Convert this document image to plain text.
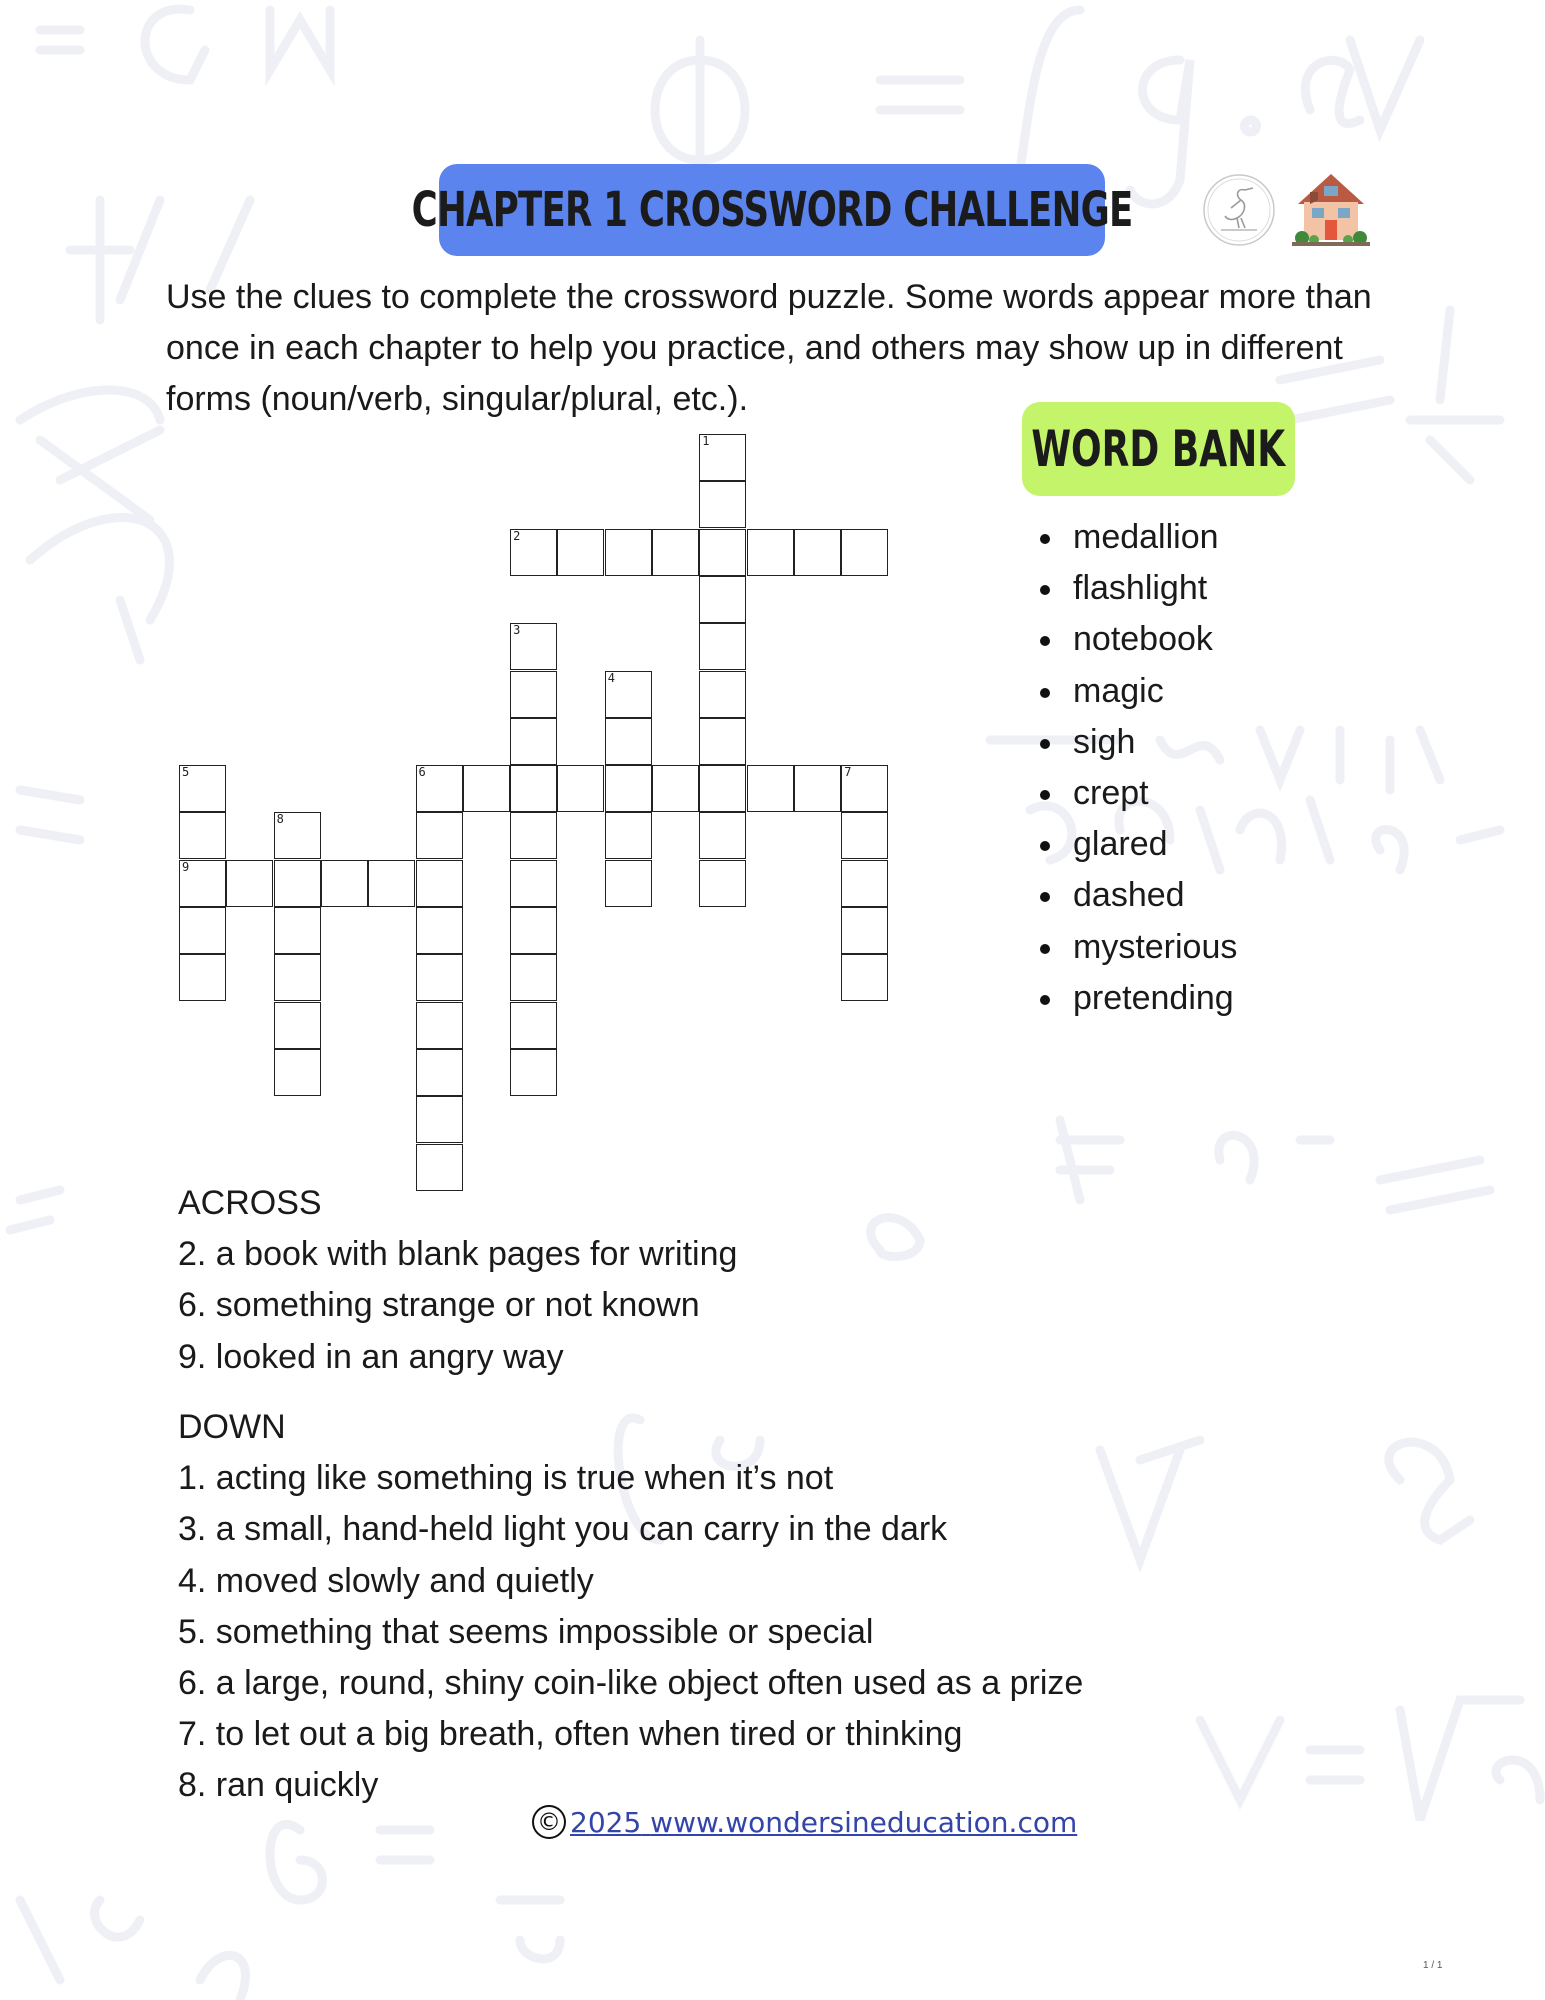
CHAPTER 1 CROSSWORD CHALLENGE
Use the clues to complete the crossword puzzle. Some words appear more than once in each chapter to help you practice, and others may show up in different forms (noun/verb, singular/plural, etc.).
WORD BANK
medallion
flashlight
notebook
magic
sigh
crept
glared
dashed
mysterious
pretending
1
2
3
4
5
9
6	7
8
ACROSS
2. a book with blank pages for writing
6. something strange or not known
9. looked in an angry way
DOWN
1. acting like something is true when it’s not
3. a small, hand-held light you can carry in the dark
4. moved slowly and quietly
5. something that seems impossible or special
6. a large, round, shiny coin-like object often used as a prize
7. to let out a big breath, often when tired or thinking
8. ran quickly
© 2025 www.wondersineducation.com
1 / 1
